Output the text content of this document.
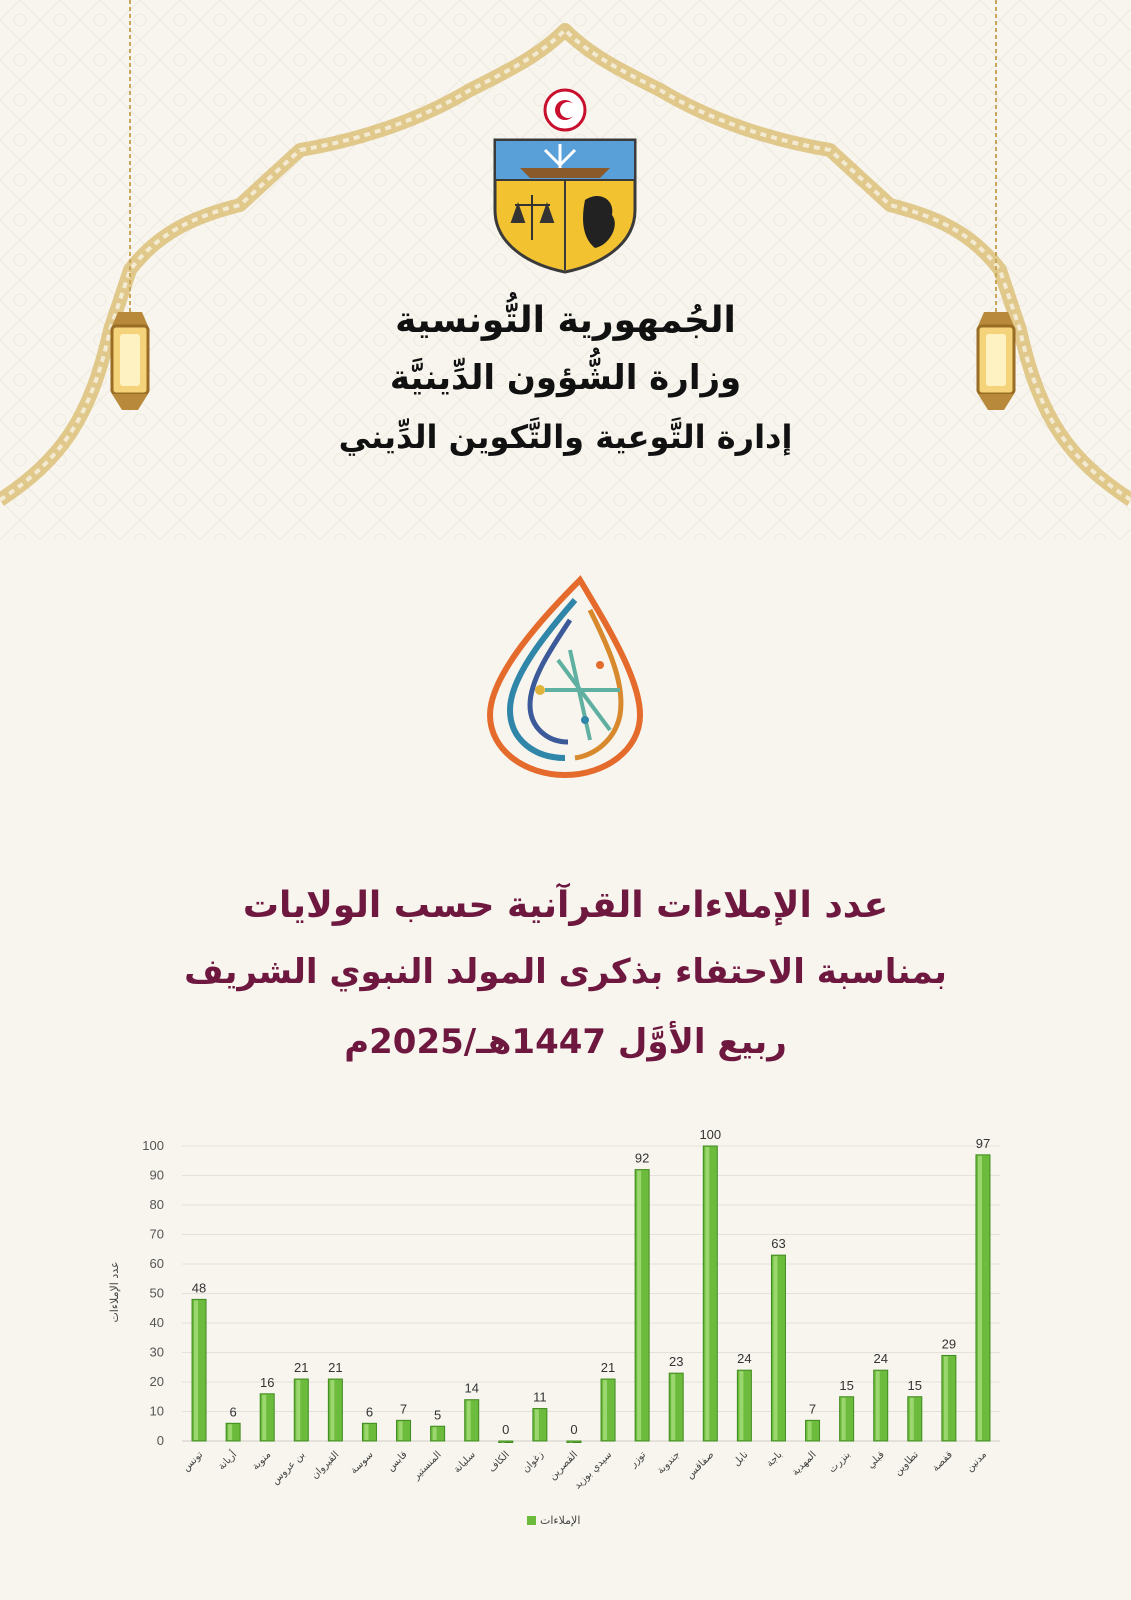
الجُمهورية التُّونسية
وزارة الشُّؤون الدِّينيَّة
إدارة التَّوعية والتَّكوين الدِّيني
عدد الإملاءات القرآنية حسب الولايات
بمناسبة الاحتفاء بذكرى المولد النبوي الشريف
ربيع الأوَّل 1447هـ/2025م
0
10
20
30
40
50
60
70
80
90
100
48
6
16
21 21
6 7 5
14
0
11
0
21
92
23
100
24
63
7
15
24
15
29
97
تونس أريانة منوبة
بن عروس القيروان سوسة قابس المنستير سليانة الكاف زغوان القصرين
سيدي بوزيد توزر جندوبة صفاقس نابل باجة المهدية بنزرت قبلي تطاوين قفصة مدنين
عدد الإملاءات
الإملاءات
